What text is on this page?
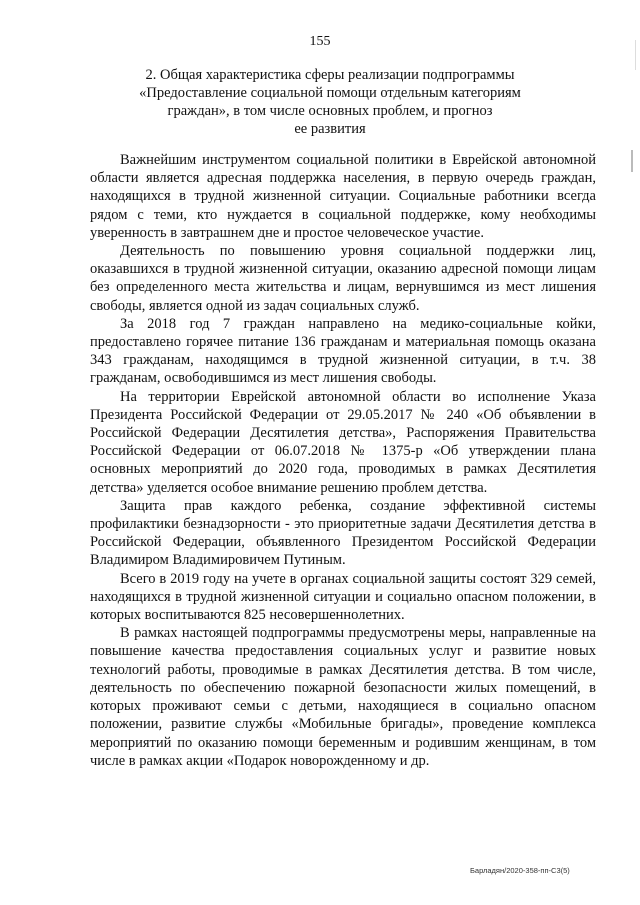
155
2. Общая характеристика сферы реализации подпрограммы
«Предоставление социальной помощи отдельным категориям
граждан», в том числе основных проблем, и прогноз
ее развития

Важнейшим инструментом социальной политики в Еврейской автономной области является адресная поддержка населения, в первую очередь граждан, находящихся в трудной жизненной ситуации. Социальные работники всегда рядом с теми, кто нуждается в социальной поддержке, кому необходимы уверенность в завтрашнем дне и простое человеческое участие.

Деятельность по повышению уровня социальной поддержки лиц, оказавшихся в трудной жизненной ситуации, оказанию адресной помощи лицам без определенного места жительства и лицам, вернувшимся из мест лишения свободы, является одной из задач социальных служб.

За 2018 год 7 граждан направлено на медико-социальные койки, предоставлено горячее питание 136 гражданам и материальная помощь оказана 343 гражданам, находящимся в трудной жизненной ситуации, в т.ч. 38 гражданам, освободившимся из мест лишения свободы.

На территории Еврейской автономной области во исполнение Указа Президента Российской Федерации от 29.05.2017 № 240 «Об объявлении в Российской Федерации Десятилетия детства», Распоряжения Правительства Российской Федерации от 06.07.2018 № 1375-р «Об утверждении плана основных мероприятий до 2020 года, проводимых в рамках Десятилетия детства» уделяется особое внимание решению проблем детства.

Защита прав каждого ребенка, создание эффективной системы профилактики безнадзорности - это приоритетные задачи Десятилетия детства в Российской Федерации, объявленного Президентом Российской Федерации Владимиром Владимировичем Путиным.

Всего в 2019 году на учете в органах социальной защиты состоят 329 семей, находящихся в трудной жизненной ситуации и социально опасном положении, в которых воспитываются 825 несовершеннолетних.

В рамках настоящей подпрограммы предусмотрены меры, направленные на повышение качества предоставления социальных услуг и развитие новых технологий работы, проводимые в рамках Десятилетия детства. В том числе, деятельность по обеспечению пожарной безопасности жилых помещений, в которых проживают семьи с детьми, находящиеся в социально опасном положении, развитие службы «Мобильные бригады», проведение комплекса мероприятий по оказанию помощи беременным и родившим женщинам, в том числе в рамках акции «Подарок новорожденному и др.

Барладян/2020-358-пп-С3(5)
